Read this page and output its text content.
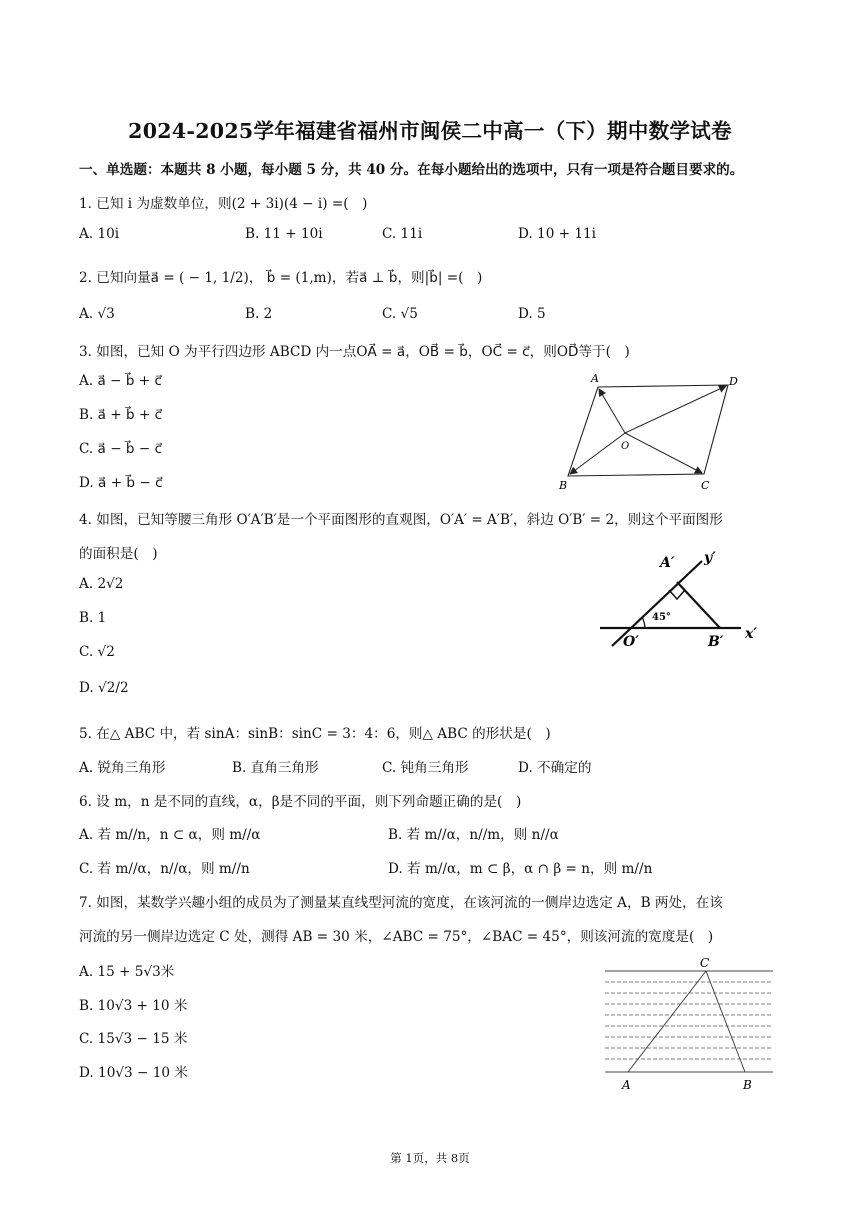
2024-2025学年福建省福州市闽侯二中高一（下）期中数学试卷
一、单选题：本题共 8 小题，每小题 5 分，共 40 分。在每小题给出的选项中，只有一项是符合题目要求的。
1. 已知 i 为虚数单位，则(2 + 3i)(4 − i) =(　)
A. 10i	B. 11 + 10i	C. 11i	D. 10 + 11i
2. 已知向量a⃗ = ( − 1, 1/2)， b⃗ = (1,m)，若a⃗ ⊥ b⃗，则|b⃗| =(　)
A. √3	B. 2	C. √5	D. 5
3. 如图，已知 O 为平行四边形 ABCD 内一点OA⃗ = a⃗，OB⃗ = b⃗，OC⃗ = c⃗，则OD⃗等于(　)
A. a⃗ − b⃗ + c⃗
B. a⃗ + b⃗ + c⃗
C. a⃗ − b⃗ − c⃗
D. a⃗ + b⃗ − c⃗
A	D
O
B	C
4. 如图，已知等腰三角形 O′A′B′是一个平面图形的直观图，O′A′ = A′B′，斜边 O′B′ = 2，则这个平面图形
的面积是(　)
A. 2√2
B. 1
C. √2
D. √2/2
A′ y′
45°
O′	B′ x′
5. 在△ ABC 中，若 sinA：sinB：sinC = 3：4：6，则△ ABC 的形状是(　)
A. 锐角三角形	B. 直角三角形	C. 钝角三角形	D. 不确定的
6. 设 m，n 是不同的直线，α，β是不同的平面，则下列命题正确的是(　)
A. 若 m//n，n ⊂ α，则 m//α	B. 若 m//α，n//m，则 n//α
C. 若 m//α，n//α，则 m//n	D. 若 m//α，m ⊂ β，α ∩ β = n，则 m//n
7. 如图，某数学兴趣小组的成员为了测量某直线型河流的宽度，在该河流的一侧岸边选定 A，B 两处，在该
河流的另一侧岸边选定 C 处，测得 AB = 30 米，∠ABC = 75°，∠BAC = 45°，则该河流的宽度是(　)
A. 15 + 5√3米
B. 10√3 + 10 米
C. 15√3 − 15 米
D. 10√3 − 10 米
C
A	B
第 1页，共 8页
